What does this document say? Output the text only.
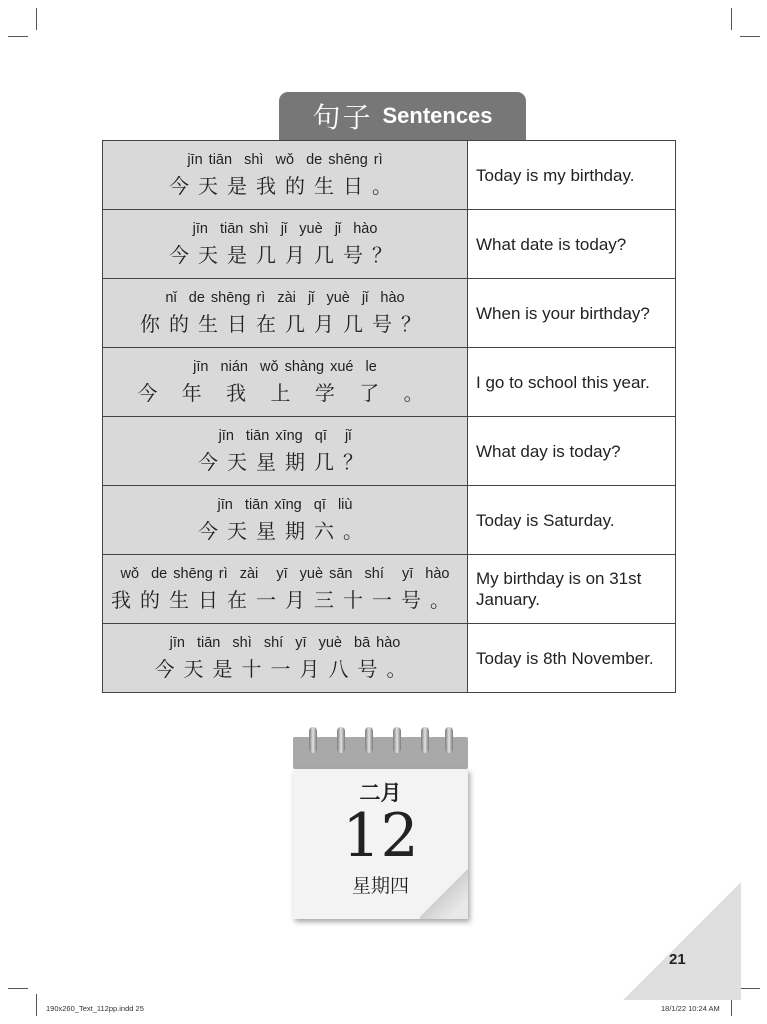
句子 Sentences
jīn tiān  shì  wǒ  de shēng rì
今天是我的生日。	Today is my birthday.

jīn  tiān shì  jǐ  yuè  jǐ  hào
今天是几月几号？	What date is today?

nǐ  de shēng rì  zài  jǐ  yuè  jǐ  hào
你的生日在几月几号？	When is your birthday?

jīn  nián  wǒ shàng xué  le
今 年 我 上 学 了 。	I go to school this year.

jīn  tiān xīng  qī   jǐ
今天星期几？	What day is today?

jīn  tiān xīng  qī  liù
今天星期六。	Today is Saturday.

wǒ  de shēng rì  zài   yī  yuè sān  shí   yī  hào
我的生日在一月三十一号。	My birthday is on 31st January.

jīn  tiān  shì  shí  yī  yuè  bā hào
今天是十一月八号。	Today is 8th November.
二月
12
星期四
21
190x260_Text_112pp.indd 25	18/1/22 10:24 AM
